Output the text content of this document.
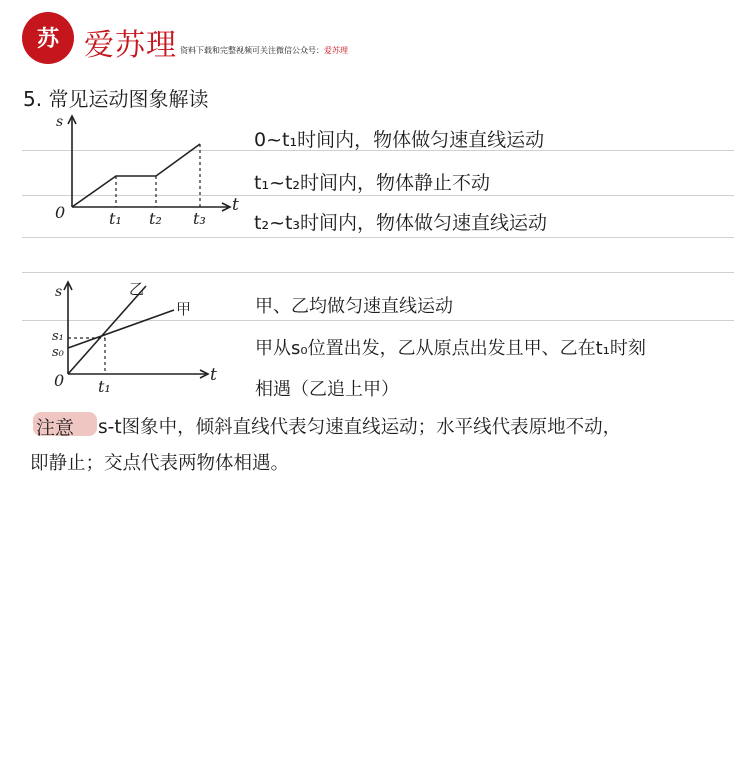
苏 爱苏理 资料下载和完整视频可关注微信公众号：爱苏理
5. 常见运动图象解读
s
t
0	t₁ t₂ t₃
0~t₁时间内，物体做匀速直线运动
t₁~t₂时间内，物体静止不动
t₂~t₃时间内，物体做匀速直线运动
s
t
0
s₁
s₀
t₁
乙
甲	甲、乙均做匀速直线运动
甲从s₀位置出发，乙从原点出发且甲、乙在t₁时刻
相遇（乙追上甲）
注意 s-t图象中，倾斜直线代表匀速直线运动；水平线代表原地不动，
即静止；交点代表两物体相遇。
